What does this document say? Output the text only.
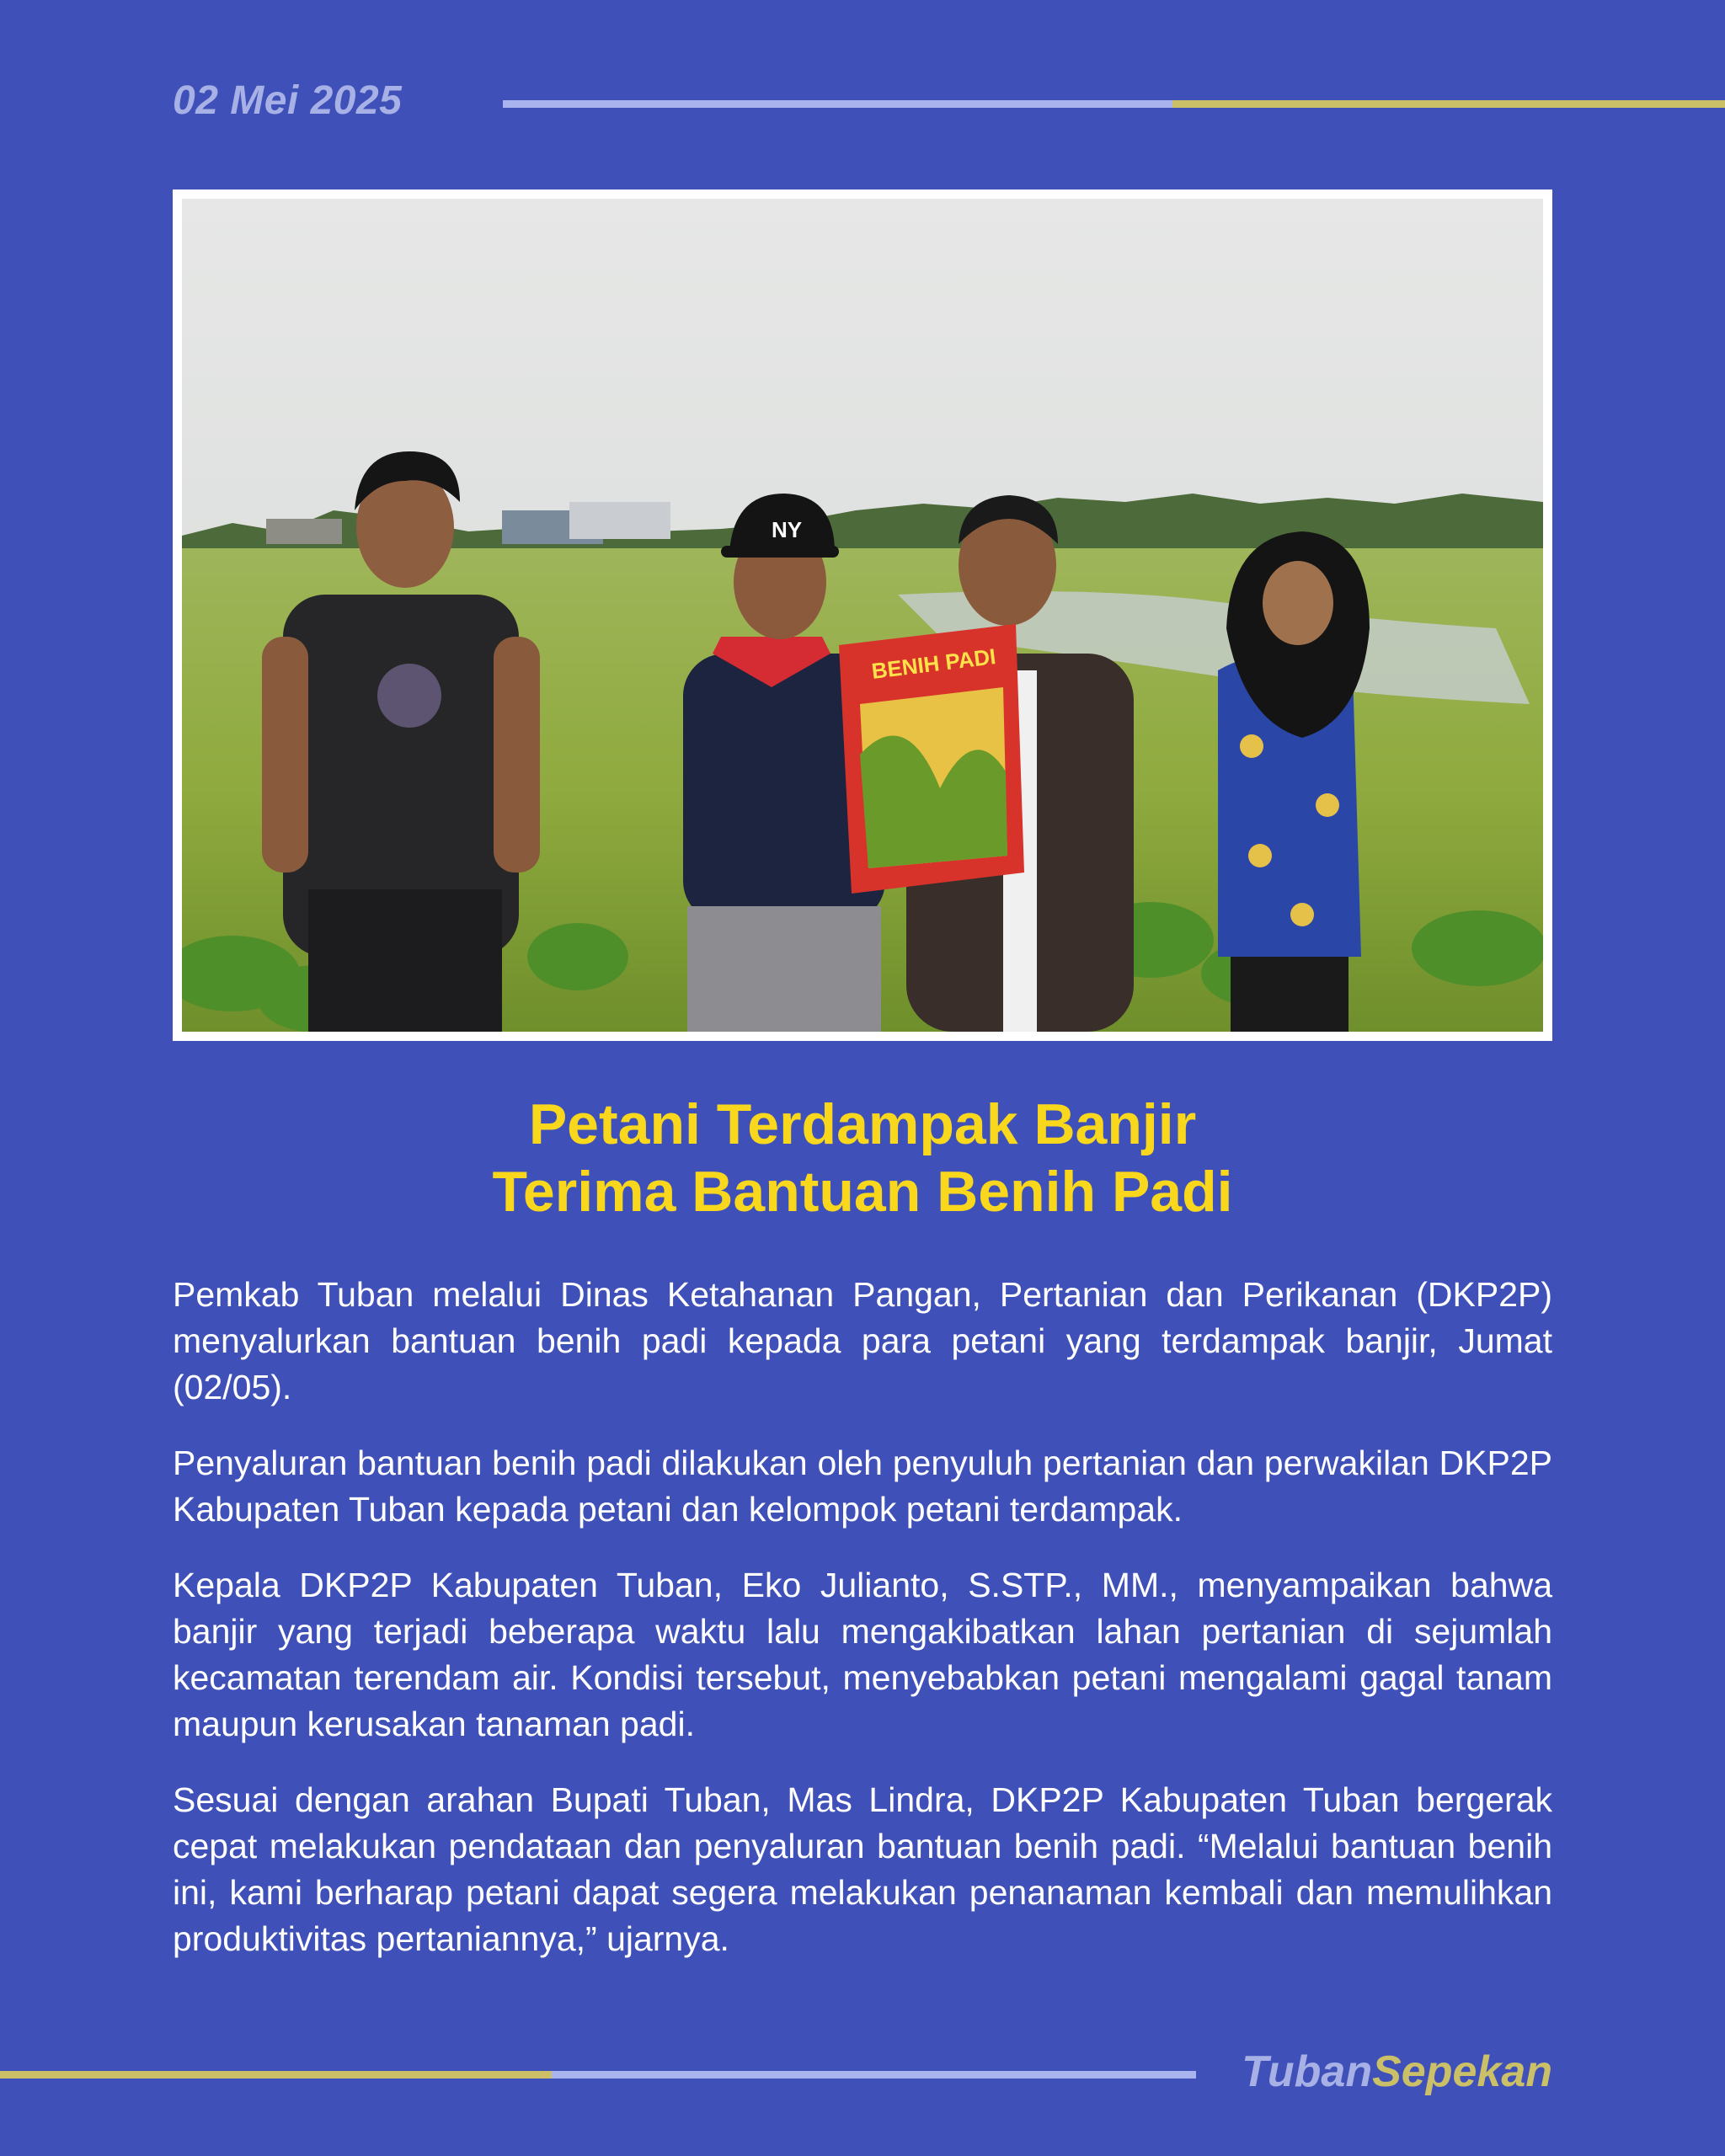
02 Mei 2025
NY
BENIH PADI
Petani Terdampak Banjir
Terima Bantuan Benih Padi

Pemkab Tuban melalui Dinas Ketahanan Pangan, Pertanian dan Perikanan (DKP2P) menyalurkan bantuan benih padi kepada para petani yang terdampak banjir, Jumat (02/05).

Penyaluran bantuan benih padi dilakukan oleh penyuluh pertanian dan perwakilan DKP2P Kabupaten Tuban kepada petani dan kelompok petani terdampak.

Kepala DKP2P Kabupaten Tuban, Eko Julianto, S.STP., MM., menyampaikan bahwa banjir yang terjadi beberapa waktu lalu mengakibatkan lahan pertanian di sejumlah kecamatan terendam air. Kondisi tersebut, menyebabkan petani mengalami gagal tanam maupun kerusakan tanaman padi.

Sesuai dengan arahan Bupati Tuban, Mas Lindra, DKP2P Kabupaten Tuban bergerak cepat melakukan pendataan dan penyaluran bantuan benih padi. “Melalui bantuan benih ini, kami berharap petani dapat segera melakukan penanaman kembali dan memulihkan produktivitas pertaniannya,” ujarnya.

TubanSepekan
